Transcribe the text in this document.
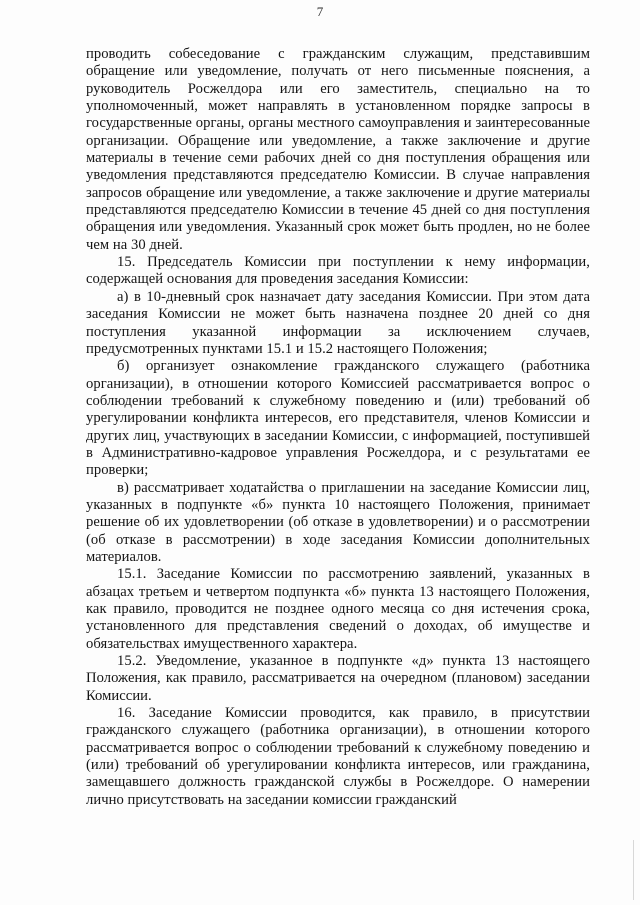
7

проводить собеседование с гражданским служащим, представившим обращение или уведомление, получать от него письменные пояснения, а руководитель Росжелдора или его заместитель, специально на то уполномоченный, может направлять в установленном порядке запросы в государственные органы, органы местного самоуправления и заинтересованные организации. Обращение или уведомление, а также заключение и другие материалы в течение семи рабочих дней со дня поступления обращения или уведомления представляются председателю Комиссии. В случае направления запросов обращение или уведомление, а также заключение и другие материалы представляются председателю Комиссии в течение 45 дней со дня поступления обращения или уведомления. Указанный срок может быть продлен, но не более чем на 30 дней.

15. Председатель Комиссии при поступлении к нему информации, содержащей основания для проведения заседания Комиссии:

а) в 10-дневный срок назначает дату заседания Комиссии. При этом дата заседания Комиссии не может быть назначена позднее 20 дней со дня поступления указанной информации за исключением случаев, предусмотренных пунктами 15.1 и 15.2 настоящего Положения;

б) организует ознакомление гражданского служащего (работника организации), в отношении которого Комиссией рассматривается вопрос о соблюдении требований к служебному поведению и (или) требований об урегулировании конфликта интересов, его представителя, членов Комиссии и других лиц, участвующих в заседании Комиссии, с информацией, поступившей в Административно-кадровое управления Росжелдора, и с результатами ее проверки;

в) рассматривает ходатайства о приглашении на заседание Комиссии лиц, указанных в подпункте «б» пункта 10 настоящего Положения, принимает решение об их удовлетворении (об отказе в удовлетворении) и о рассмотрении (об отказе в рассмотрении) в ходе заседания Комиссии дополнительных материалов.

15.1. Заседание Комиссии по рассмотрению заявлений, указанных в абзацах третьем и четвертом подпункта «б» пункта 13 настоящего Положения, как правило, проводится не позднее одного месяца со дня истечения срока, установленного для представления сведений о доходах, об имуществе и обязательствах имущественного характера.

15.2. Уведомление, указанное в подпункте «д» пункта 13 настоящего Положения, как правило, рассматривается на очередном (плановом) заседании Комиссии.

16. Заседание Комиссии проводится, как правило, в присутствии гражданского служащего (работника организации), в отношении которого рассматривается вопрос о соблюдении требований к служебному поведению и (или) требований об урегулировании конфликта интересов, или гражданина, замещавшего должность гражданской службы в Росжелдоре. О намерении лично присутствовать на заседании комиссии гражданский
